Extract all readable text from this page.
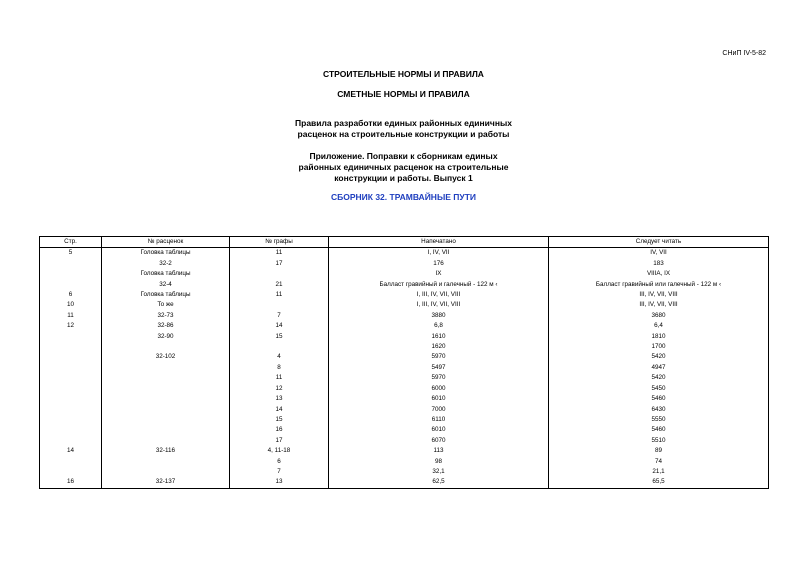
СНиП IV-5-82
СТРОИТЕЛЬНЫЕ НОРМЫ И ПРАВИЛА
СМЕТНЫЕ НОРМЫ И ПРАВИЛА
Правила разработки единых районных единичных
расценок на строительные конструкции и работы
Приложение. Поправки к сборникам единых
районных единичных расценок на строительные
конструкции и работы. Выпуск 1
СБОРНИК 32. ТРАМВАЙНЫЕ ПУТИ
Стр.	№ расценок	№ графы	Напечатано	Следует читать
5	Головка таблицы	11	I, IV, VII	IV, VII
	32-2	17	176	183
	Головка таблицы		IX	VIIIA, IX
	32-4	21	Балласт гравийный и галечный - 122 м ‹	Балласт гравийный или галечный - 122 м ‹
6	Головка таблицы	11	I, III, IV, VII, VIII	III, IV, VII, VIII
10	То же		I, III, IV, VII, VIII	III, IV, VII, VIII
11	32-73	7	3880	3680
12	32-86	14	6,8	6,4
	32-90	15	1610	1810
			1620	1700
	32-102	4	5970	5420
		8	5497	4947
		11	5970	5420
		12	6000	5450
		13	6010	5460
		14	7000	6430
		15	6110	5550
		16	6010	5460
		17	6070	5510
14	32-116	4, 11-18	113	89
		6	98	74
		7	32,1	21,1
16	32-137	13	62,5	65,5
